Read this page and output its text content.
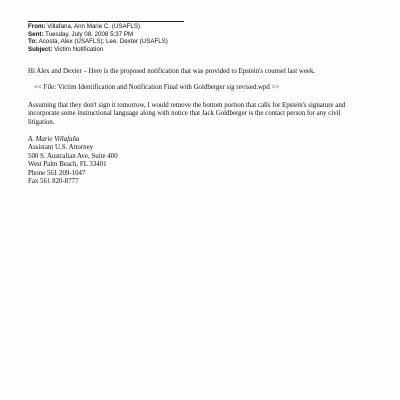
From: Villafana, Ann Marie C. (USAFLS)
Sent: Tuesday, July 08, 2008 5:37 PM
To: Acosta, Alex (USAFLS); Lee, Dexter (USAFLS)
Subject: Victim Notification

Hi Alex and Dexter – Here is the proposed notification that was provided to Epstein's counsel last week.

<< File: Victim Identification and Notification Final with Goldberger sig revised.wpd >>

Assuming that they don't sign it tomorrow, I would remove the bottom portion that calls for Epstein's signature and incorporate some instructional language along with notice that Jack Goldberger is the contact person for any civil litigation.

A. Marie Villafaña
Assistant U.S. Attorney
500 S. Australian Ave, Suite 400
West Palm Beach, FL 33401
Phone 561 209-1047
Fax 561 820-8777
